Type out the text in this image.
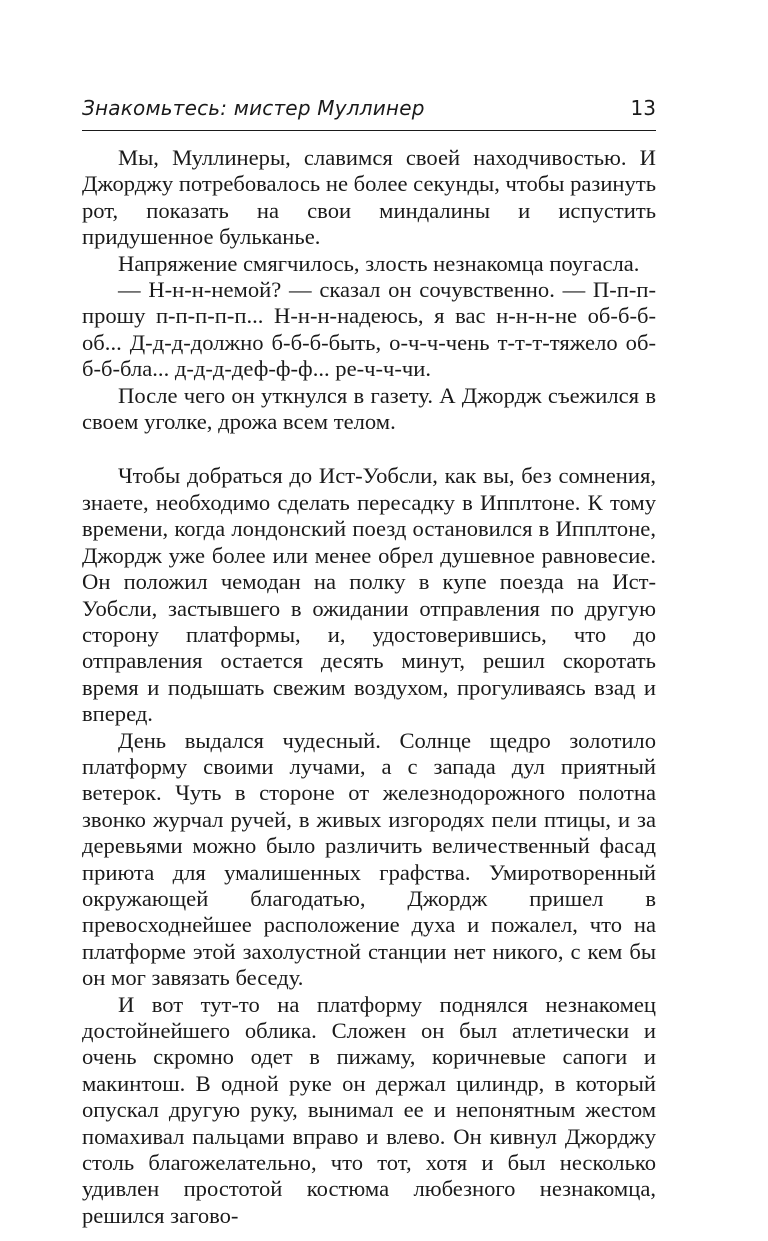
Знакомьтесь: мистер Муллинер	13

Мы, Муллинеры, славимся своей находчивостью. И Джорджу потребовалось не более секунды, чтобы разинуть рот, показать на свои миндалины и испустить придушенное бульканье.

Напряжение смягчилось, злость незнакомца поугасла.

— Н-н-н-немой? — сказал он сочувственно. — П-п-п-прошу п-п-п-п-п... Н-н-н-надеюсь, я вас н-н-н-не об-б-б-об... Д-д-д-должно б-б-б-быть, о-ч-ч-чень т-т-т-тяжело об-б-б-бла... д-д-д-деф-ф-ф... ре-ч-ч-чи.

После чего он уткнулся в газету. А Джордж съежился в своем уголке, дрожа всем телом.

Чтобы добраться до Ист-Уобсли, как вы, без сомнения, знаете, необходимо сделать пересадку в Ипплтоне. К тому времени, когда лондонский поезд остановился в Ипплтоне, Джордж уже более или менее обрел душевное равновесие. Он положил чемодан на полку в купе поезда на Ист-Уобсли, застывшего в ожидании отправления по другую сторону платформы, и, удостоверившись, что до отправления остается десять минут, решил скоротать время и подышать свежим воздухом, прогуливаясь взад и вперед.

День выдался чудесный. Солнце щедро золотило платформу своими лучами, а с запада дул приятный ветерок. Чуть в стороне от железнодорожного полотна звонко журчал ручей, в живых изгородях пели птицы, и за деревьями можно было различить величественный фасад приюта для умалишенных графства. Умиротворенный окружающей благодатью, Джордж пришел в превосходнейшее расположение духа и пожалел, что на платформе этой захолустной станции нет никого, с кем бы он мог завязать беседу.

И вот тут-то на платформу поднялся незнакомец достойнейшего облика. Сложен он был атлетически и очень скромно одет в пижаму, коричневые сапоги и макинтош. В одной руке он держал цилиндр, в который опускал другую руку, вынимал ее и непонятным жестом помахивал пальцами вправо и влево. Он кивнул Джорджу столь благожелательно, что тот, хотя и был несколько удивлен простотой костюма любезного незнакомца, решился загово-
